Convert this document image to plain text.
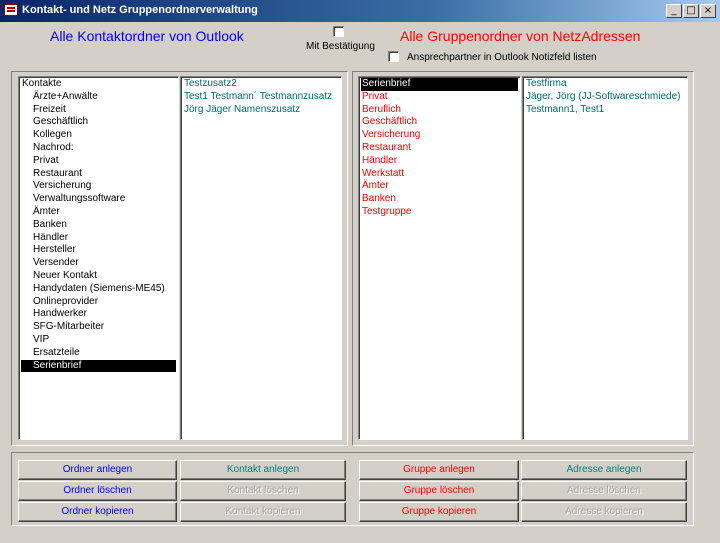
Kontakt- und Netz Gruppenordnerverwaltung	_ □ ×
Alle Kontaktordner von Outlook	Alle Gruppenordner von NetzAdressen
Mit Bestätigung
Ansprechpartner in Outlook Notizfeld listen
Kontakte
Ärzte+Anwälte
Freizeit
Geschäftlich
Kollegen
Nachrod:
Privat
Restaurant
Versicherung
Verwaltungssoftware
Ämter
Banken
Händler
Hersteller
Versender
Neuer Kontakt
Handydaten (Siemens-ME45)
Onlineprovider
Handwerker
SFG-Mitarbeiter
VIP
Ersatzteile
Serienbrief
Testzusatz2
Test1 Testmann´ Testmannzusatz
Jörg Jäger Namenszusatz
Serienbrief
Privat
Beruflich
Geschäftlich
Versicherung
Restaurant
Händler
Werkstatt
Ämter
Banken
Testgruppe
Testfirma
Jäger, Jörg (JJ-Softwareschmiede)
Testmann1, Test1
Ordner anlegen
Ordner löschen
Ordner kopieren
Kontakt anlegen
Kontakt löschen
Kontakt kopieren
Gruppe anlegen
Gruppe löschen
Gruppe kopieren
Adresse anlegen
Adresse löschen
Adresse kopieren
